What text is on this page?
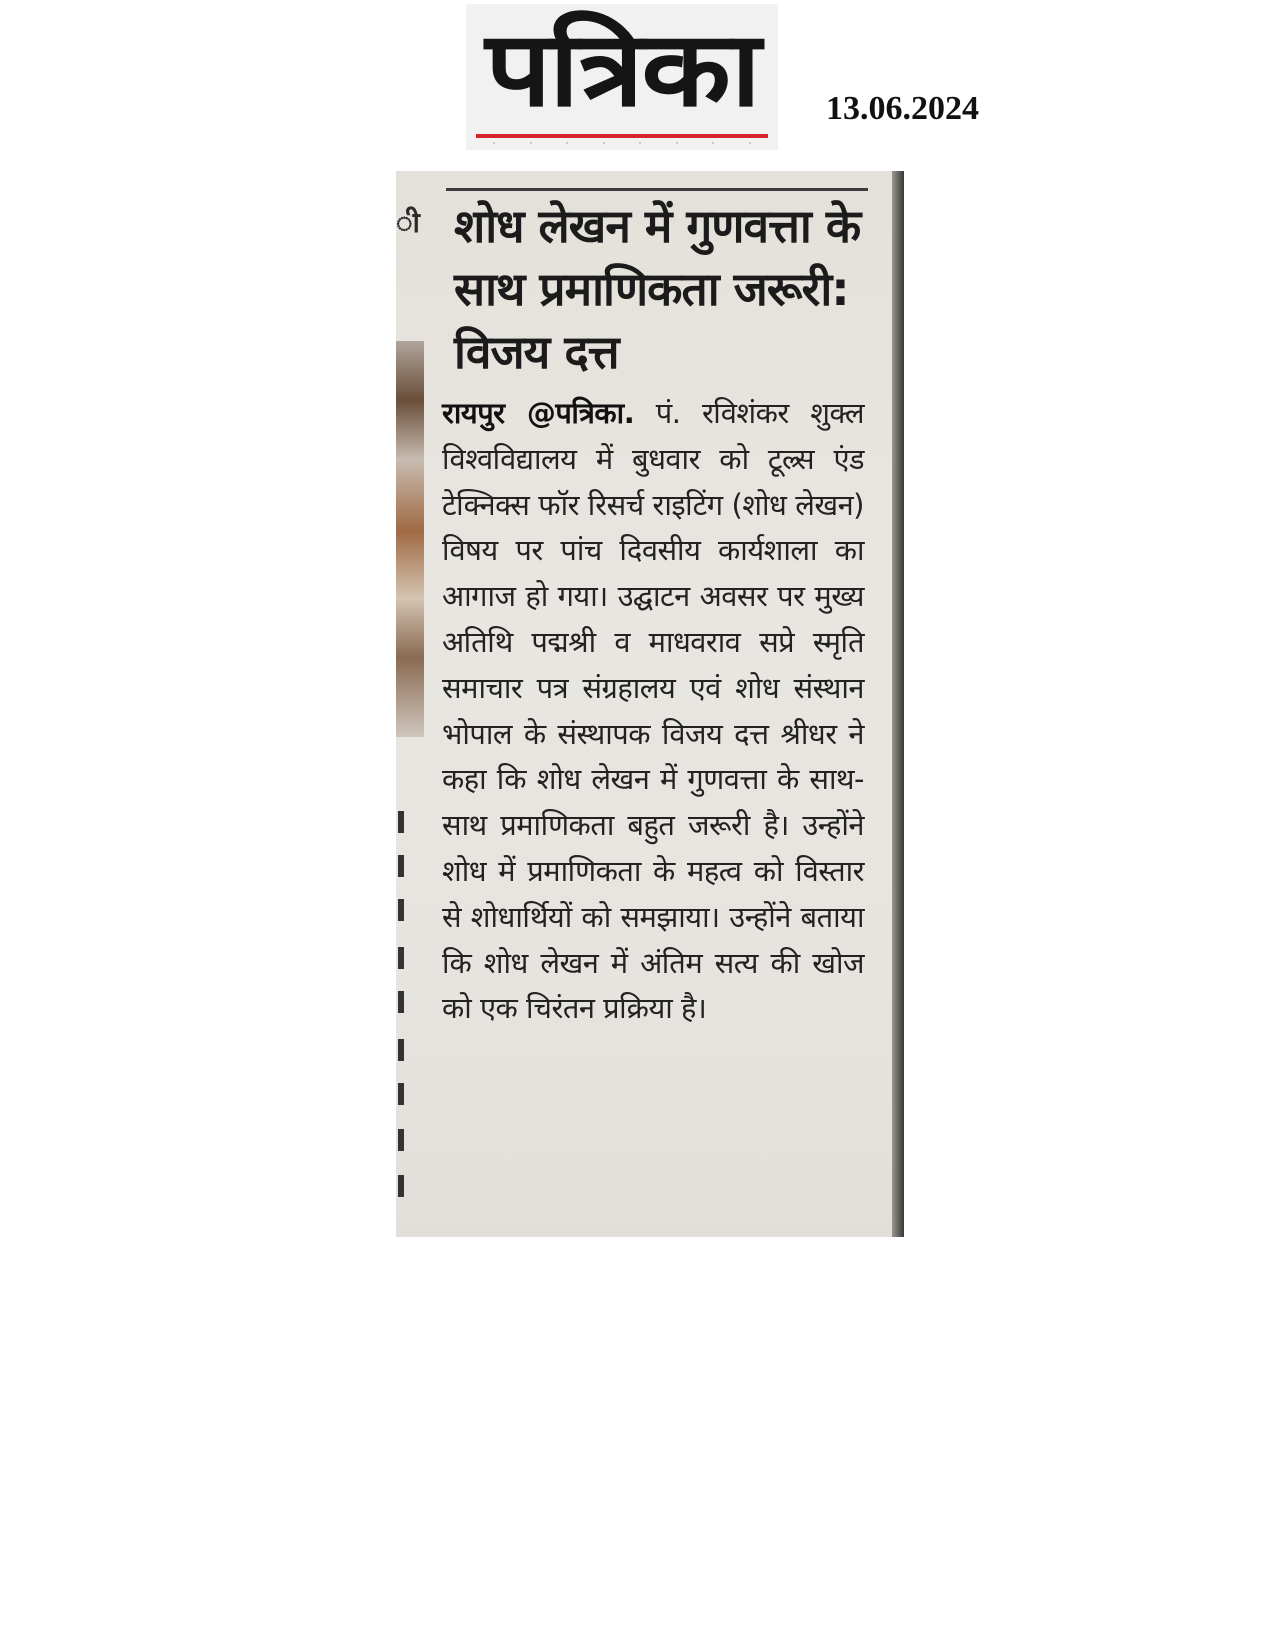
पत्रिका	13.06.2024
ी शोध लेखन में गुणवत्ता के साथ प्रमाणिकता जरूरी: विजय दत्त
रायपुर @पत्रिका. पं. रविशंकर शुक्ल विश्वविद्यालय में बुधवार को टूल्र्स एंड टेक्निक्स फॉर रिसर्च राइटिंग (शोध लेखन) विषय पर पांच दिवसीय कार्यशाला का आगाज हो गया। उद्घाटन अवसर पर मुख्य अतिथि पद्मश्री व माधवराव सप्रे स्मृति समाचार पत्र संग्रहालय एवं शोध संस्थान भोपाल के संस्थापक विजय दत्त श्रीधर ने कहा कि शोध लेखन में गुणवत्ता के साथ-साथ प्रमाणिकता बहुत जरूरी है। उन्होंने शोध में प्रमाणिकता के महत्व को विस्तार से शोधार्थियों को समझाया। उन्होंने बताया कि शोध लेखन में अंतिम सत्य की खोज को एक चिरंतन प्रक्रिया है।
